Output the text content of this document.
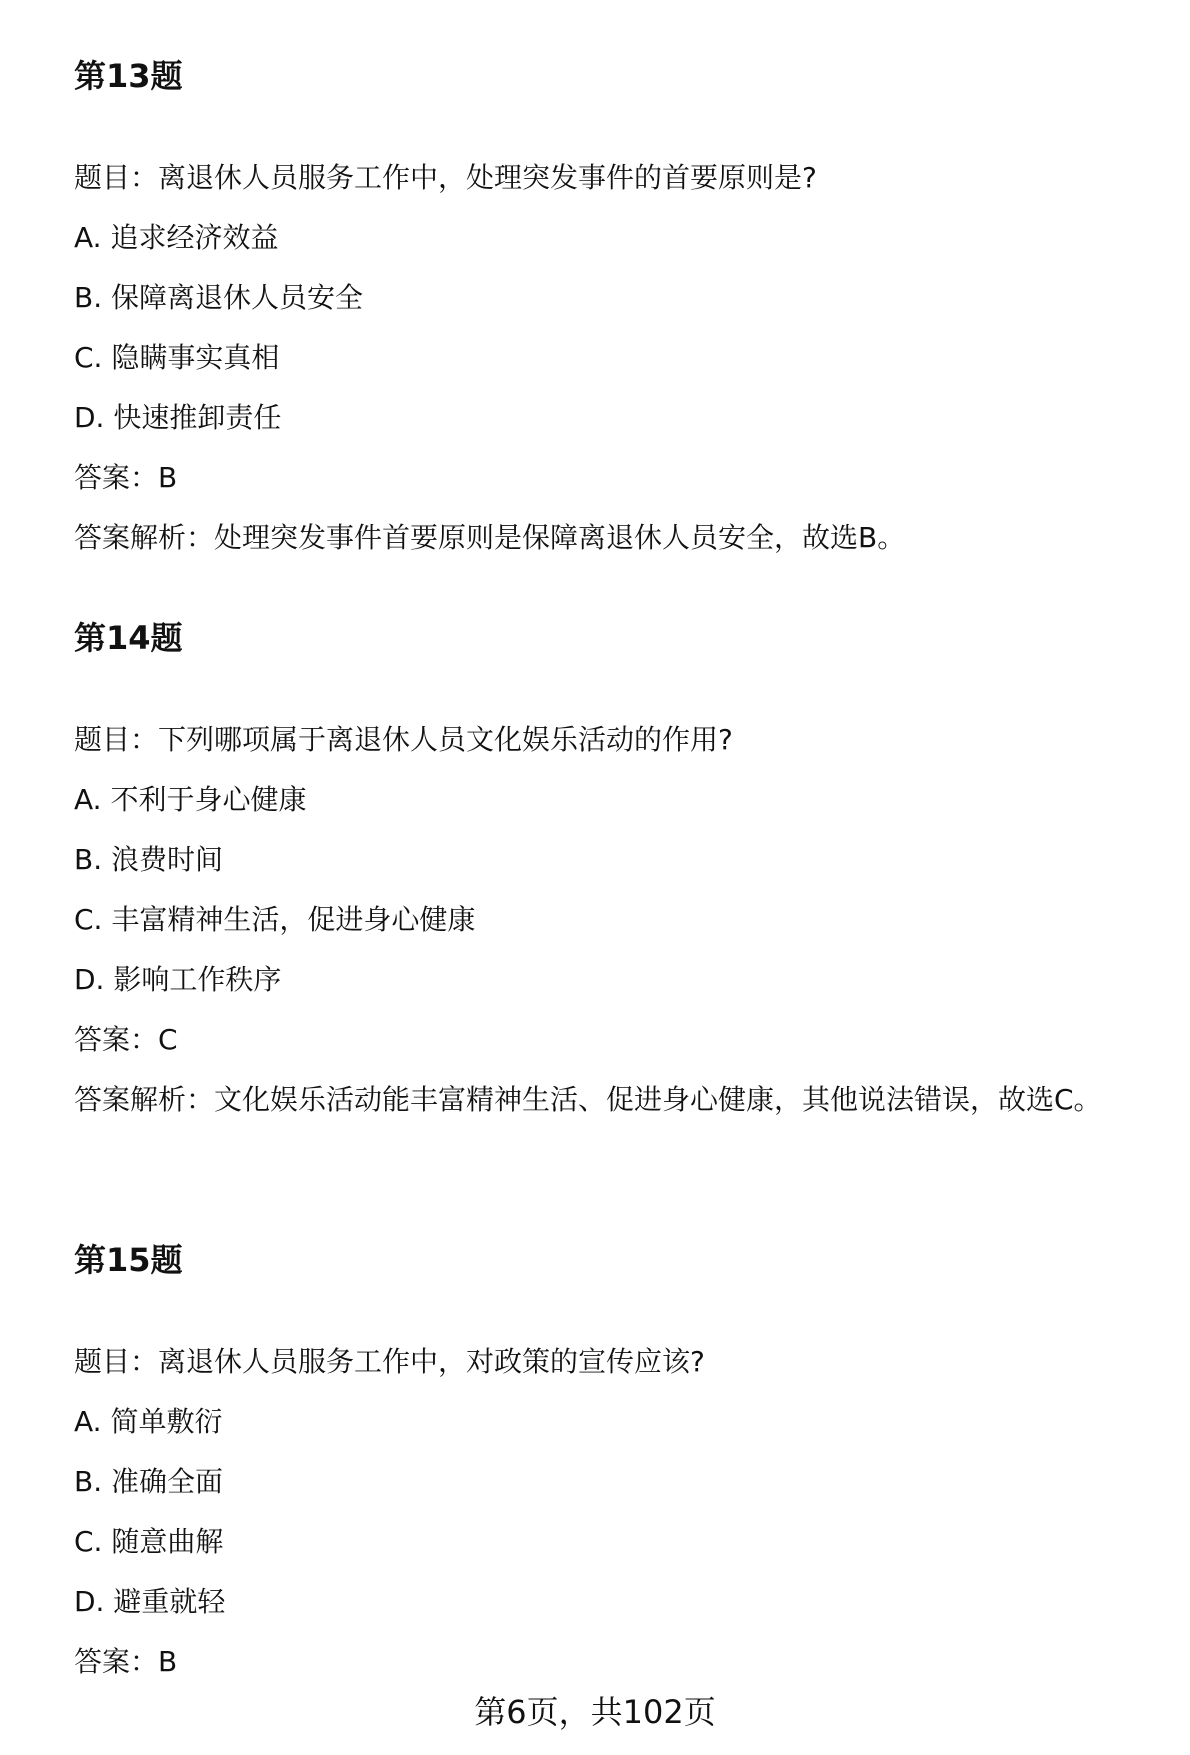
第13题
题目：离退休人员服务工作中，处理突发事件的首要原则是?
A. 追求经济效益
B. 保障离退休人员安全
C. 隐瞒事实真相
D. 快速推卸责任
答案：B
答案解析：处理突发事件首要原则是保障离退休人员安全，故选B。
第14题
题目：下列哪项属于离退休人员文化娱乐活动的作用?
A. 不利于身心健康
B. 浪费时间
C. 丰富精神生活，促进身心健康
D. 影响工作秩序
答案：C
答案解析：文化娱乐活动能丰富精神生活、促进身心健康，其他说法错误，故选C。
第15题
题目：离退休人员服务工作中，对政策的宣传应该?
A. 简单敷衍
B. 准确全面
C. 随意曲解
D. 避重就轻
答案：B
第6页，共102页
